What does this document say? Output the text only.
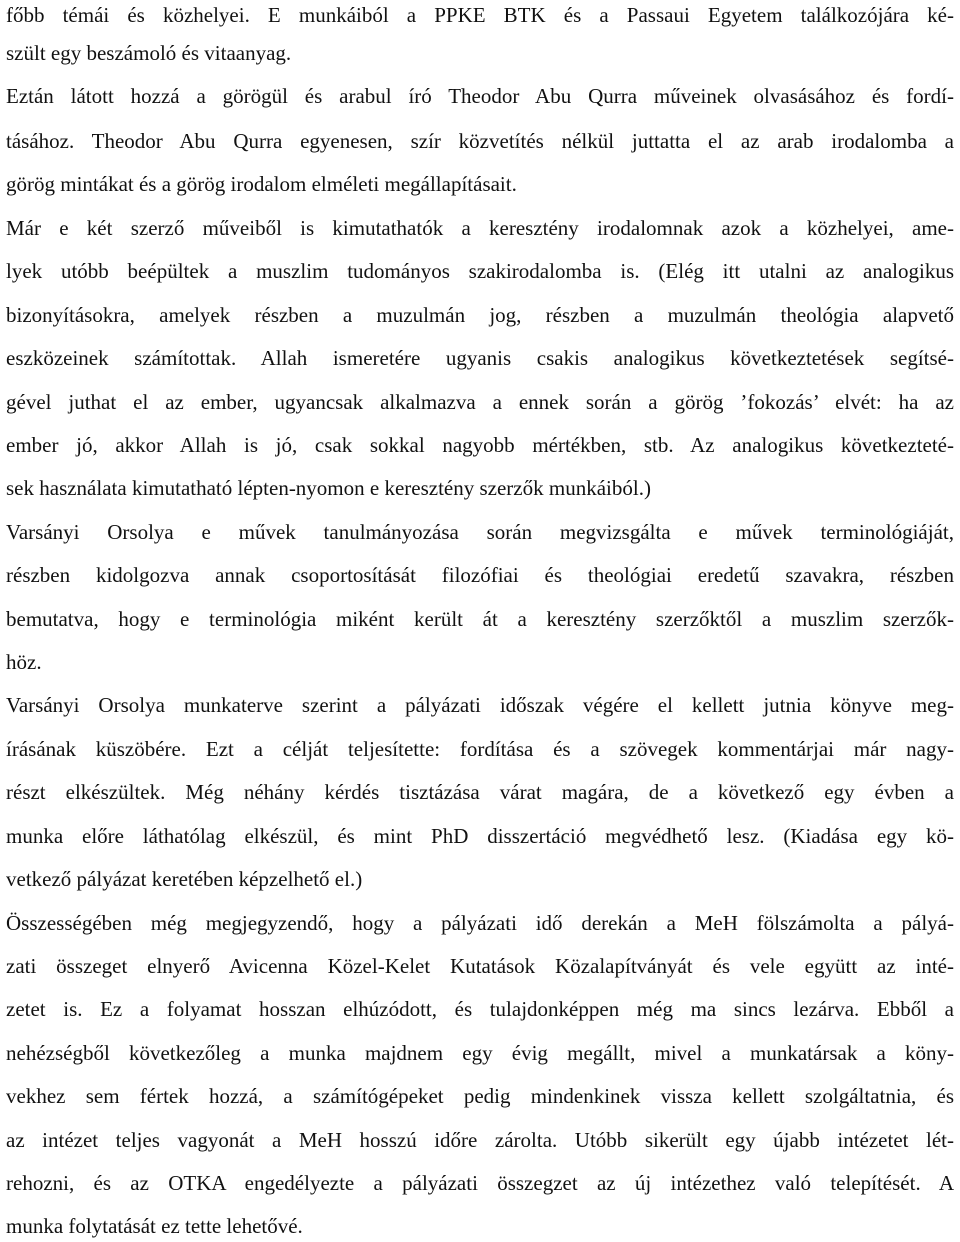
főbb témái és közhelyei. E munkáiból a PPKE BTK és a Passaui Egyetem találkozójára ké-
szült egy beszámoló és vitaanyag.
Eztán látott hozzá a görögül és arabul író Theodor Abu Qurra műveinek olvasásához és fordí-
tásához. Theodor Abu Qurra egyenesen, szír közvetítés nélkül juttatta el az arab irodalomba a
görög mintákat és a görög irodalom elméleti megállapításait.
Már e két szerző műveiből is kimutathatók a keresztény irodalomnak azok a közhelyei, ame-
lyek utóbb beépültek a muszlim tudományos szakirodalomba is. (Elég itt utalni az analogikus
bizonyításokra, amelyek részben a muzulmán jog, részben a muzulmán theológia alapvető
eszközeinek számítottak. Allah ismeretére ugyanis csakis analogikus következtetések segítsé-
gével juthat el az ember, ugyancsak alkalmazva a ennek során a görög ’fokozás’ elvét: ha az
ember jó, akkor Allah is jó, csak sokkal nagyobb mértékben, stb. Az analogikus következteté-
sek használata kimutatható lépten-nyomon e keresztény szerzők munkáiból.)
Varsányi Orsolya e művek tanulmányozása során megvizsgálta e művek terminológiáját,
részben kidolgozva annak csoportosítását filozófiai és theológiai eredetű szavakra, részben
bemutatva, hogy e terminológia miként került át a keresztény szerzőktől a muszlim szerzők-
höz.
Varsányi Orsolya munkaterve szerint a pályázati időszak végére el kellett jutnia könyve meg-
írásának küszöbére. Ezt a célját teljesítette: fordítása és a szövegek kommentárjai már nagy-
részt elkészültek. Még néhány kérdés tisztázása várat magára, de a következő egy évben a
munka előre láthatólag elkészül, és mint PhD disszertáció megvédhető lesz. (Kiadása egy kö-
vetkező pályázat keretében képzelhető el.)
Összességében még megjegyzendő, hogy a pályázati idő derekán a MeH fölszámolta a pályá-
zati összeget elnyerő Avicenna Közel-Kelet Kutatások Közalapítványát és vele együtt az inté-
zetet is. Ez a folyamat hosszan elhúzódott, és tulajdonképpen még ma sincs lezárva. Ebből a
nehézségből következőleg a munka majdnem egy évig megállt, mivel a munkatársak a köny-
vekhez sem fértek hozzá, a számítógépeket pedig mindenkinek vissza kellett szolgáltatnia, és
az intézet teljes vagyonát a MeH hosszú időre zárolta. Utóbb sikerült egy újabb intézetet lét-
rehozni, és az OTKA engedélyezte a pályázati összegzet az új intézethez való telepítését. A
munka folytatását ez tette lehetővé.
